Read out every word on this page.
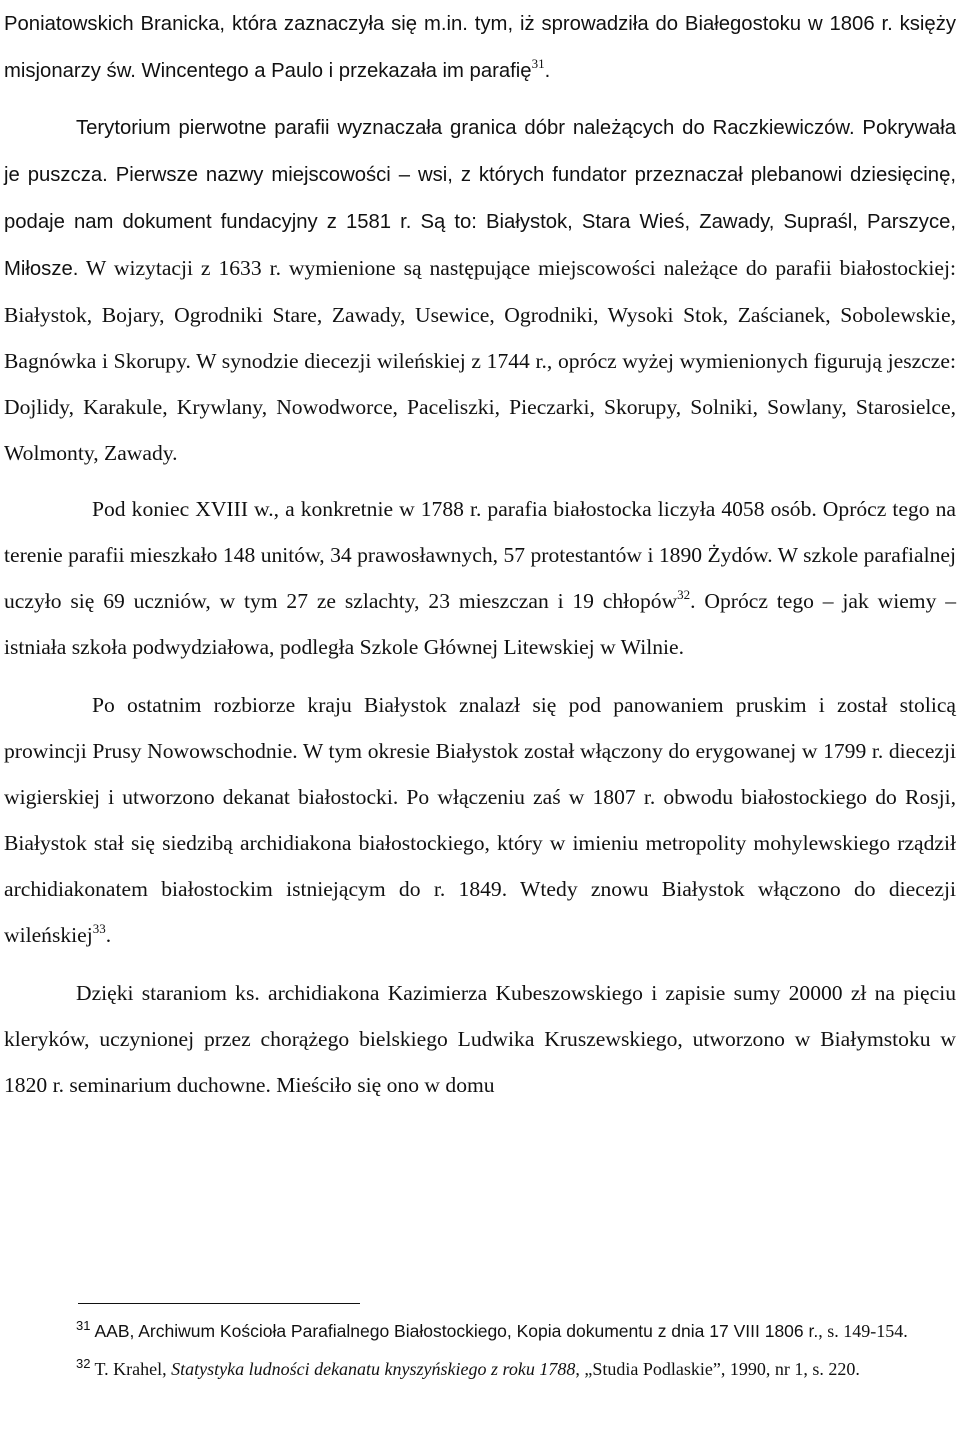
Poniatowskich Branicka, która zaznaczyła się m.in. tym, iż sprowadziła do Białegostoku w 1806 r. księży misjonarzy św. Wincentego a Paulo i przekazała im parafię$^{31}$.

Terytorium pierwotne parafii wyznaczała granica dóbr należących do Raczkiewiczów. Pokrywała je puszcza. Pierwsze nazwy miejscowości – wsi, z których fundator przeznaczał plebanowi dziesięcinę, podaje nam dokument fundacyjny z 1581 r. Są to: Białystok, Stara Wieś, Zawady, Supraśl, Parszyce, Miłosze. W wizytacji z 1633 r. wymienione są następujące miejscowości należące do parafii białostockiej: Białystok, Bojary, Ogrodniki Stare, Zawady, Usewice, Ogrodniki, Wysoki Stok, Zaścianek, Sobolewskie, Bagnówka i Skorupy. W synodzie diecezji wileńskiej z 1744 r., oprócz wyżej wymienionych figurują jeszcze: Dojlidy, Karakule, Krywlany, Nowodworce, Paceliszki, Pieczarki, Skorupy, Solniki, Sowlany, Starosielce, Wolmonty, Zawady.

Pod koniec XVIII w., a konkretnie w 1788 r. parafia białostocka liczyła 4058 osób. Oprócz tego na terenie parafii mieszkało 148 unitów, 34 prawosławnych, 57 protestantów i 1890 Żydów. W szkole parafialnej uczyło się 69 uczniów, w tym 27 ze szlachty, 23 mieszczan i 19 chłopów$^{32}$. Oprócz tego – jak wiemy – istniała szkoła podwydziałowa, podległa Szkole Głównej Litewskiej w Wilnie.

Po ostatnim rozbiorze kraju Białystok znalazł się pod panowaniem pruskim i został stolicą prowincji Prusy Nowowschodnie. W tym okresie Białystok został włączony do erygowanej w 1799 r. diecezji wigierskiej i utworzono dekanat białostocki. Po włączeniu zaś w 1807 r. obwodu białostockiego do Rosji, Białystok stał się siedzibą archidiakona białostockiego, który w imieniu metropolity mohylewskiego rządził archidiakonatem białostockim istniejącym do r. 1849. Wtedy znowu Białystok włączono do diecezji wileńskiej$^{33}$.

Dzięki staraniom ks. archidiakona Kazimierza Kubeszowskiego i zapisie sumy 20000 zł na pięciu kleryków, uczynionej przez chorążego bielskiego Ludwika Kruszewskiego, utworzono w Białymstoku w 1820 r. seminarium duchowne. Mieściło się ono w domu

$^{31}$ AAB, Archiwum Kościoła Parafialnego Białostockiego, Kopia dokumentu z dnia 17 VIII 1806 r., s. 149-154.

$^{32}$ T. Krahel, Statystyka ludności dekanatu knyszyńskiego z roku 1788, „Studia Podlaskie”, 1990, nr 1, s. 220.
